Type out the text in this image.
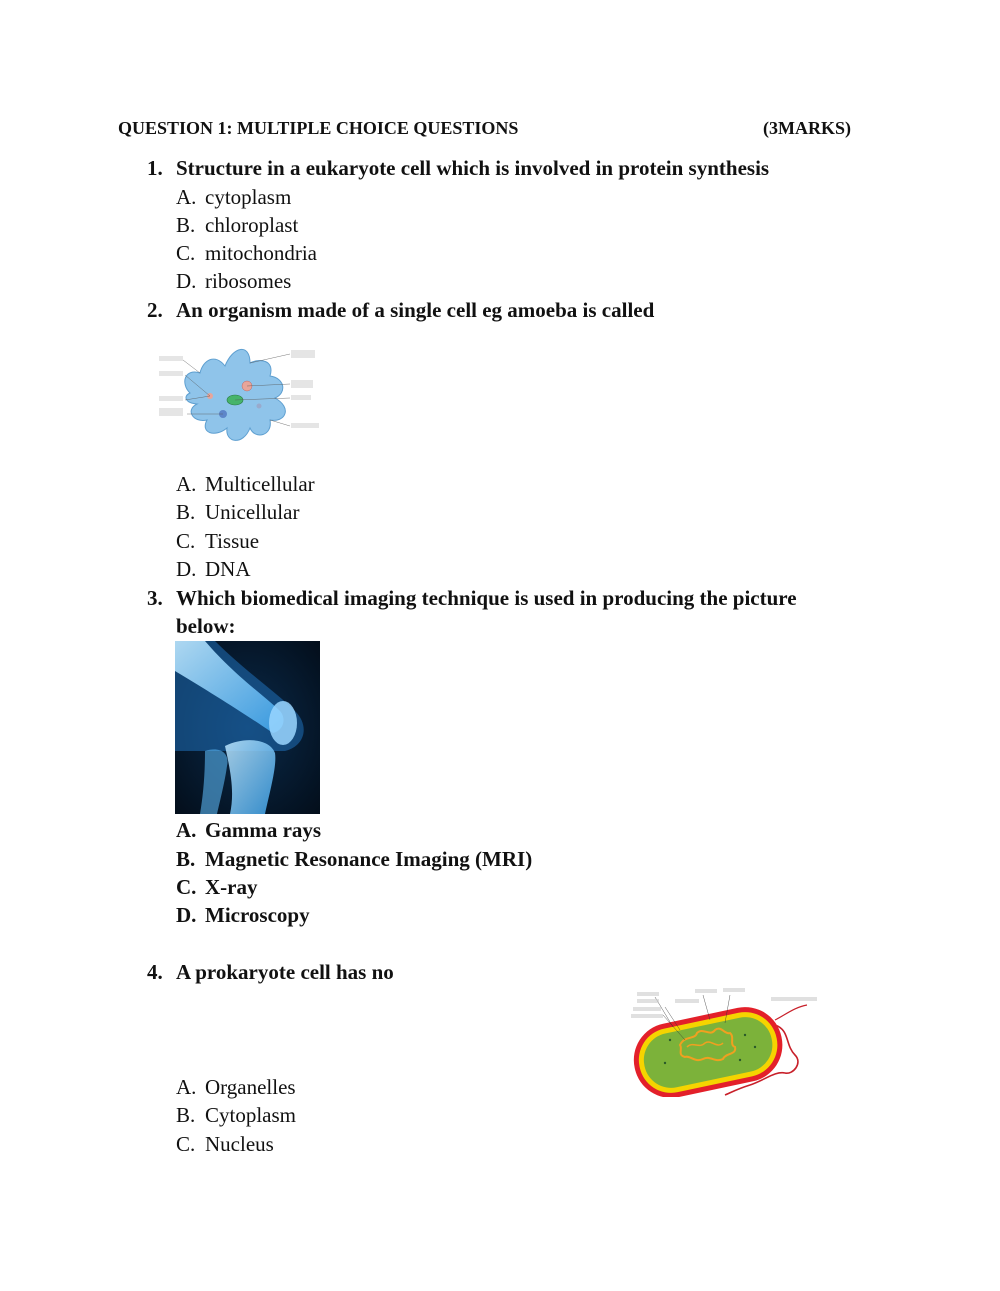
QUESTION 1: MULTIPLE CHOICE QUESTIONS	(3MARKS)
1. Structure in a eukaryote cell which is involved in protein synthesis
A. cytoplasm
B. chloroplast
C. mitochondria
D. ribosomes
2. An organism made of a single cell eg amoeba is called
A. Multicellular
B. Unicellular
C. Tissue
D. DNA
3. Which biomedical imaging technique is used in producing the picture
below:
A. Gamma rays
B. Magnetic Resonance Imaging (MRI)
C. X-ray
D. Microscopy
4. A prokaryote cell has no
A. Organelles
B. Cytoplasm
C. Nucleus
